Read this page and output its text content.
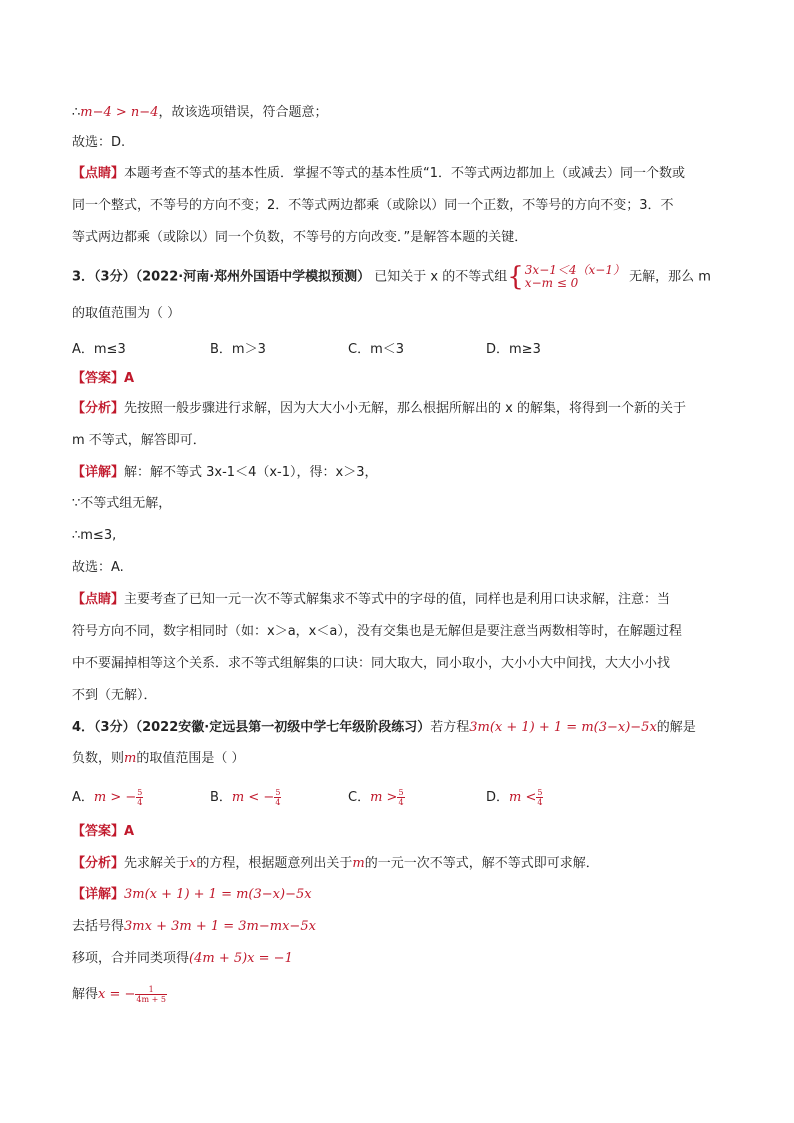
∴m−4 > n−4，故该选项错误，符合题意；
故选：D.
【点睛】本题考查不等式的基本性质．掌握不等式的基本性质“1．不等式两边都加上（或减去）同一个数或
同一个整式，不等号的方向不变；2．不等式两边都乘（或除以）同一个正数，不等号的方向不变；3．不
等式两边都乘（或除以）同一个负数，不等号的方向改变．”是解答本题的关键．
3．（3分）（2022·河南·郑州外国语中学模拟预测） 已知关于 x 的不等式组{ 3x−1＜4（x−1）
x−m ≤ 0	无解，那么 m
的取值范围为（ ）
A．m≤3	B．m＞3	C．m＜3	D．m≥3
【答案】A
【分析】先按照一般步骤进行求解，因为大大小小无解，那么根据所解出的 x 的解集，将得到一个新的关于
m 不等式，解答即可．
【详解】解：解不等式 3x-1＜4（x-1），得：x＞3，
∵不等式组无解，
∴m≤3,
故选：A.
【点睛】主要考查了已知一元一次不等式解集求不等式中的字母的值，同样也是利用口诀求解，注意：当
符号方向不同，数字相同时（如：x＞a，x＜a），没有交集也是无解但是要注意当两数相等时，在解题过程
中不要漏掉相等这个关系．求不等式组解集的口诀：同大取大，同小取小，大小小大中间找，大大小小找
不到（无解）．
4．（3分）（2022安徽·定远县第一初级中学七年级阶段练习）若方程3m(x + 1) + 1 = m(3−x)−5x的解是
负数，则m的取值范围是（ ）
A．m > − $\frac{5}{4}$	B．m < − $\frac{5}{4}$	C．$m > \frac{5}{4}$	D．$m < \frac{5}{4}$
【答案】A
【分析】先求解关于x的方程，根据题意列出关于m的一元一次不等式，解不等式即可求解．
【详解】3m(x + 1) + 1 = m(3−x)−5x
去括号得3mx + 3m + 1 = 3m−mx−5x
移项，合并同类项得(4m + 5)x = −1
解得x = − $\frac{1}{4m + 5}$
